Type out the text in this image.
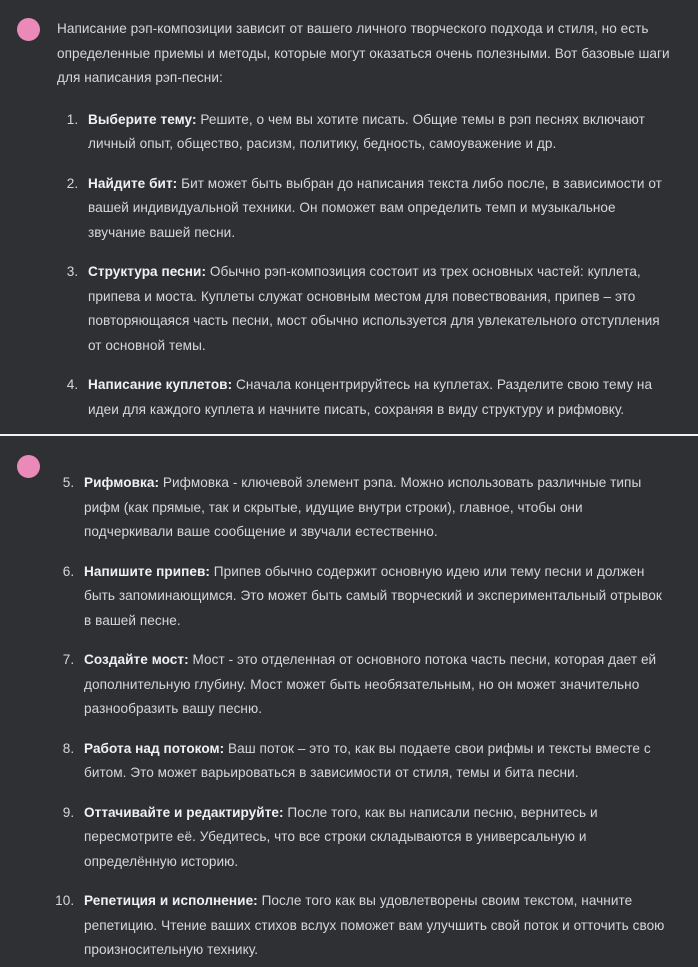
Написание рэп-композиции зависит от вашего личного творческого подхода и стиля, но есть определенные приемы и методы, которые могут оказаться очень полезными. Вот базовые шаги для написания рэп-песни:

1. Выберите тему: Решите, о чем вы хотите писать. Общие темы в рэп песнях включают личный опыт, общество, расизм, политику, бедность, самоуважение и др.
2. Найдите бит: Бит может быть выбран до написания текста либо после, в зависимости от вашей индивидуальной техники. Он поможет вам определить темп и музыкальное звучание вашей песни.
3. Структура песни: Обычно рэп-композиция состоит из трех основных частей: куплета, припева и моста. Куплеты служат основным местом для повествования, припев – это повторяющаяся часть песни, мост обычно используется для увлекательного отступления от основной темы.
4. Написание куплетов: Сначала концентрируйтесь на куплетах. Разделите свою тему на идеи для каждого куплета и начните писать, сохраняя в виду структуру и рифмовку.
5. Рифмовка: Рифмовка - ключевой элемент рэпа. Можно использовать различные типы рифм (как прямые, так и скрытые, идущие внутри строки), главное, чтобы они подчеркивали ваше сообщение и звучали естественно.
6. Напишите припев: Припев обычно содержит основную идею или тему песни и должен быть запоминающимся. Это может быть самый творческий и экспериментальный отрывок в вашей песне.
7. Создайте мост: Мост - это отделенная от основного потока часть песни, которая дает ей дополнительную глубину. Мост может быть необязательным, но он может значительно разнообразить вашу песню.
8. Работа над потоком: Ваш поток – это то, как вы подаете свои рифмы и тексты вместе с битом. Это может варьироваться в зависимости от стиля, темы и бита песни.
9. Оттачивайте и редактируйте: После того, как вы написали песню, вернитесь и пересмотрите её. Убедитесь, что все строки складываются в универсальную и определённую историю.
10. Репетиция и исполнение: После того как вы удовлетворены своим текстом, начните репетицию. Чтение ваших стихов вслух поможет вам улучшить свой поток и отточить свою произносительную технику.
